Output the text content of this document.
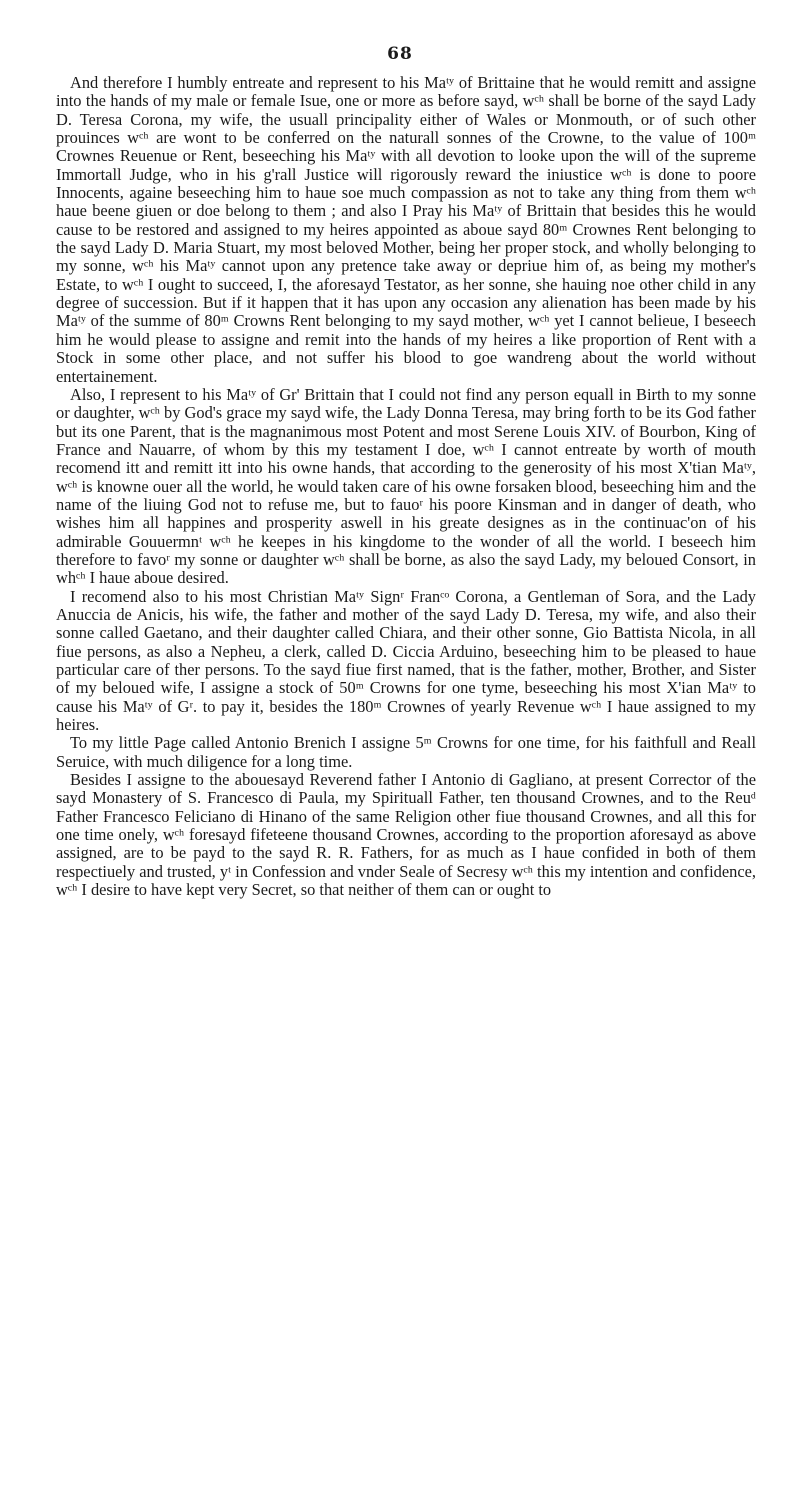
68

And therefore I humbly entreate and represent to his Maᵗʸ of Brittaine that he would remitt and assigne into the hands of my male or female Isue, one or more as before sayd, wᶜʰ shall be borne of the sayd Lady D. Teresa Corona, my wife, the usuall principality either of Wales or Monmouth, or of such other prouinces wᶜʰ are wont to be conferred on the naturall sonnes of the Crowne, to the value of 100ᵐ Crownes Reuenue or Rent, beseeching his Maᵗʸ with all devotion to looke upon the will of the supreme Immortall Judge, who in his g'rall Justice will rigorously reward the iniustice wᶜʰ is done to poore Innocents, againe beseeching him to haue soe much compassion as not to take any thing from them wᶜʰ haue beene giuen or doe belong to them ; and also I Pray his Maᵗʸ of Brittain that besides this he would cause to be restored and assigned to my heires appointed as aboue sayd 80ᵐ Crownes Rent belonging to the sayd Lady D. Maria Stuart, my most beloved Mother, being her proper stock, and wholly belonging to my sonne, wᶜʰ his Maᵗʸ cannot upon any pretence take away or depriue him of, as being my mother's Estate, to wᶜʰ I ought to succeed, I, the aforesayd Testator, as her sonne, she hauing noe other child in any degree of succession. But if it happen that it has upon any occasion any alienation has been made by his Maᵗʸ of the summe of 80ᵐ Crowns Rent belonging to my sayd mother, wᶜʰ yet I cannot belieue, I beseech him he would please to assigne and remit into the hands of my heires a like proportion of Rent with a Stock in some other place, and not suffer his blood to goe wandreng about the world without entertainement.

Also, I represent to his Maᵗʸ of Gr' Brittain that I could not find any person equall in Birth to my sonne or daughter, wᶜʰ by God's grace my sayd wife, the Lady Donna Teresa, may bring forth to be its God father but its one Parent, that is the magnanimous most Potent and most Serene Louis XIV. of Bourbon, King of France and Nauarre, of whom by this my testament I doe, wᶜʰ I cannot entreate by worth of mouth recomend itt and remitt itt into his owne hands, that according to the generosity of his most X'tian Maᵗʸ, wᶜʰ is knowne ouer all the world, he would taken care of his owne forsaken blood, beseeching him and the name of the liuing God not to refuse me, but to fauoʳ his poore Kinsman and in danger of death, who wishes him all happines and prosperity aswell in his greate designes as in the continuac'on of his admirable Gouuermnᵗ wᶜʰ he keepes in his kingdome to the wonder of all the world. I beseech him therefore to favoʳ my sonne or daughter wᶜʰ shall be borne, as also the sayd Lady, my beloued Consort, in whᶜʰ I haue aboue desired.

I recomend also to his most Christian Maᵗʸ Signʳ Franᶜᵒ Corona, a Gentleman of Sora, and the Lady Anuccia de Anicis, his wife, the father and mother of the sayd Lady D. Teresa, my wife, and also their sonne called Gaetano, and their daughter called Chiara, and their other sonne, Gio Battista Nicola, in all fiue persons, as also a Nepheu, a clerk, called D. Ciccia Arduino, beseeching him to be pleased to haue particular care of ther persons. To the sayd fiue first named, that is the father, mother, Brother, and Sister of my beloued wife, I assigne a stock of 50ᵐ Crowns for one tyme, beseeching his most X'ian Maᵗʸ to cause his Maᵗʸ of Gʳ. to pay it, besides the 180ᵐ Crownes of yearly Revenue wᶜʰ I haue assigned to my heires.

To my little Page called Antonio Brenich I assigne 5ᵐ Crowns for one time, for his faithfull and Reall Seruice, with much diligence for a long time.

Besides I assigne to the abouesayd Reverend father I Antonio di Gagliano, at present Corrector of the sayd Monastery of S. Francesco di Paula, my Spirituall Father, ten thousand Crownes, and to the Reuᵈ Father Francesco Feliciano di Hinano of the same Religion other fiue thousand Crownes, and all this for one time onely, wᶜʰ foresayd fifeteene thousand Crownes, according to the proportion aforesayd as above assigned, are to be payd to the sayd R. R. Fathers, for as much as I haue confided in both of them respectiuely and trusted, yᵗ in Confession and vnder Seale of Secresy wᶜʰ this my intention and confidence, wᶜʰ I desire to have kept very Secret, so that neither of them can or ought to
